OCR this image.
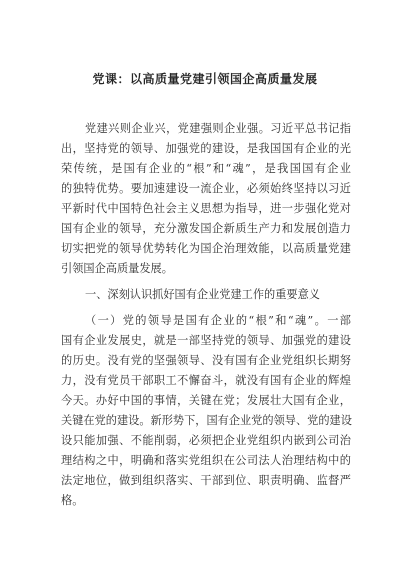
党课：以高质量党建引领国企高质量发展
党建兴则企业兴，党建强则企业强。习近平总书记指
出，坚持党的领导、加强党的建设，是我国国有企业的光
荣传统，是国有企业的“根”和“魂”，是我国国有企业
的独特优势。要加速建设一流企业，必须始终坚持以习近
平新时代中国特色社会主义思想为指导，进一步强化党对
国有企业的领导，充分激发国企新质生产力和发展创造力
切实把党的领导优势转化为国企治理效能，以高质量党建
引领国企高质量发展。
一、深刻认识抓好国有企业党建工作的重要意义
（一）党的领导是国有企业的“根”和“魂”。一部
国有企业发展史，就是一部坚持党的领导、加强党的建设
的历史。没有党的坚强领导、没有国有企业党组织长期努
力，没有党员干部职工不懈奋斗，就没有国有企业的辉煌
今天。办好中国的事情，关键在党；发展壮大国有企业，
关键在党的建设。新形势下，国有企业党的领导、党的建设
设只能加强、不能削弱，必须把企业党组织内嵌到公司治
理结构之中，明确和落实党组织在公司法人治理结构中的
法定地位，做到组织落实、干部到位、职责明确、监督严
格。
